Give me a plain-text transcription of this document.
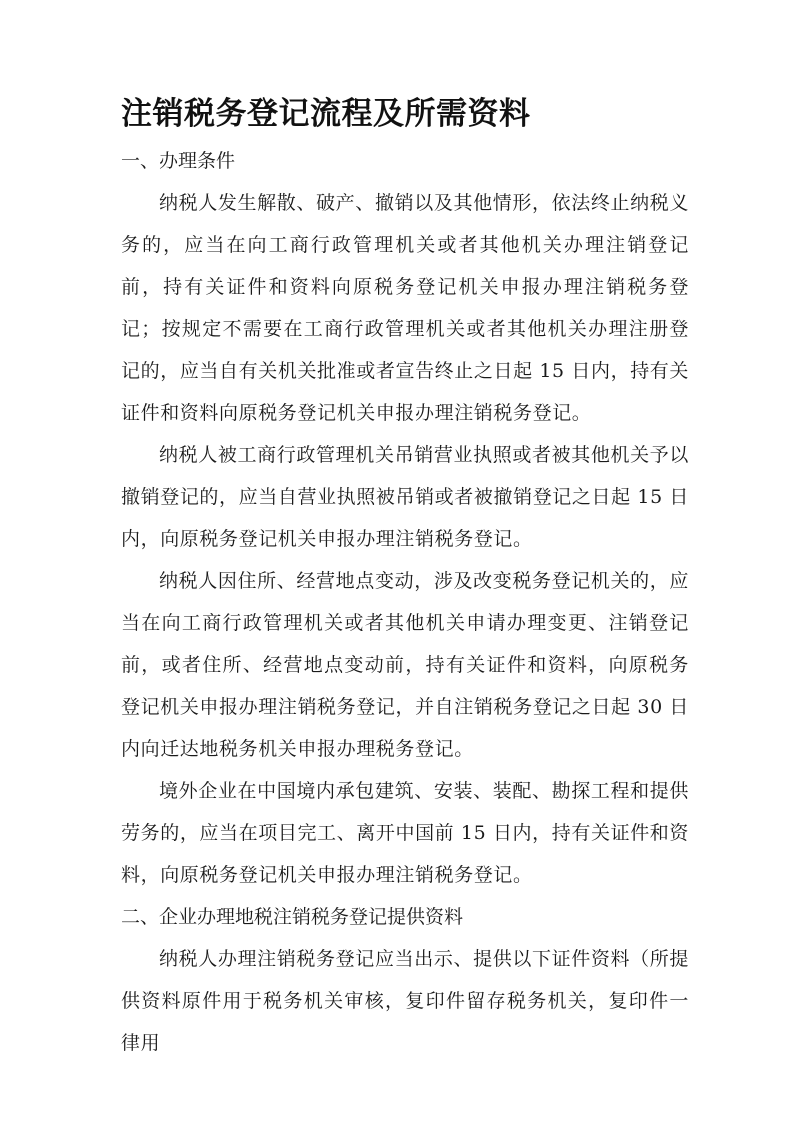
注销税务登记流程及所需资料

一、办理条件

纳税人发生解散、破产、撤销以及其他情形，依法终止纳税义务的，应当在向工商行政管理机关或者其他机关办理注销登记前，持有关证件和资料向原税务登记机关申报办理注销税务登记；按规定不需要在工商行政管理机关或者其他机关办理注册登记的，应当自有关机关批准或者宣告终止之日起 15 日内，持有关证件和资料向原税务登记机关申报办理注销税务登记。

纳税人被工商行政管理机关吊销营业执照或者被其他机关予以撤销登记的，应当自营业执照被吊销或者被撤销登记之日起 15 日内，向原税务登记机关申报办理注销税务登记。

纳税人因住所、经营地点变动，涉及改变税务登记机关的，应当在向工商行政管理机关或者其他机关申请办理变更、注销登记前，或者住所、经营地点变动前，持有关证件和资料，向原税务登记机关申报办理注销税务登记，并自注销税务登记之日起 30 日内向迁达地税务机关申报办理税务登记。

境外企业在中国境内承包建筑、安装、装配、勘探工程和提供劳务的，应当在项目完工、离开中国前 15 日内，持有关证件和资料，向原税务登记机关申报办理注销税务登记。

二、企业办理地税注销税务登记提供资料

纳税人办理注销税务登记应当出示、提供以下证件资料（所提供资料原件用于税务机关审核，复印件留存税务机关，复印件一律用
